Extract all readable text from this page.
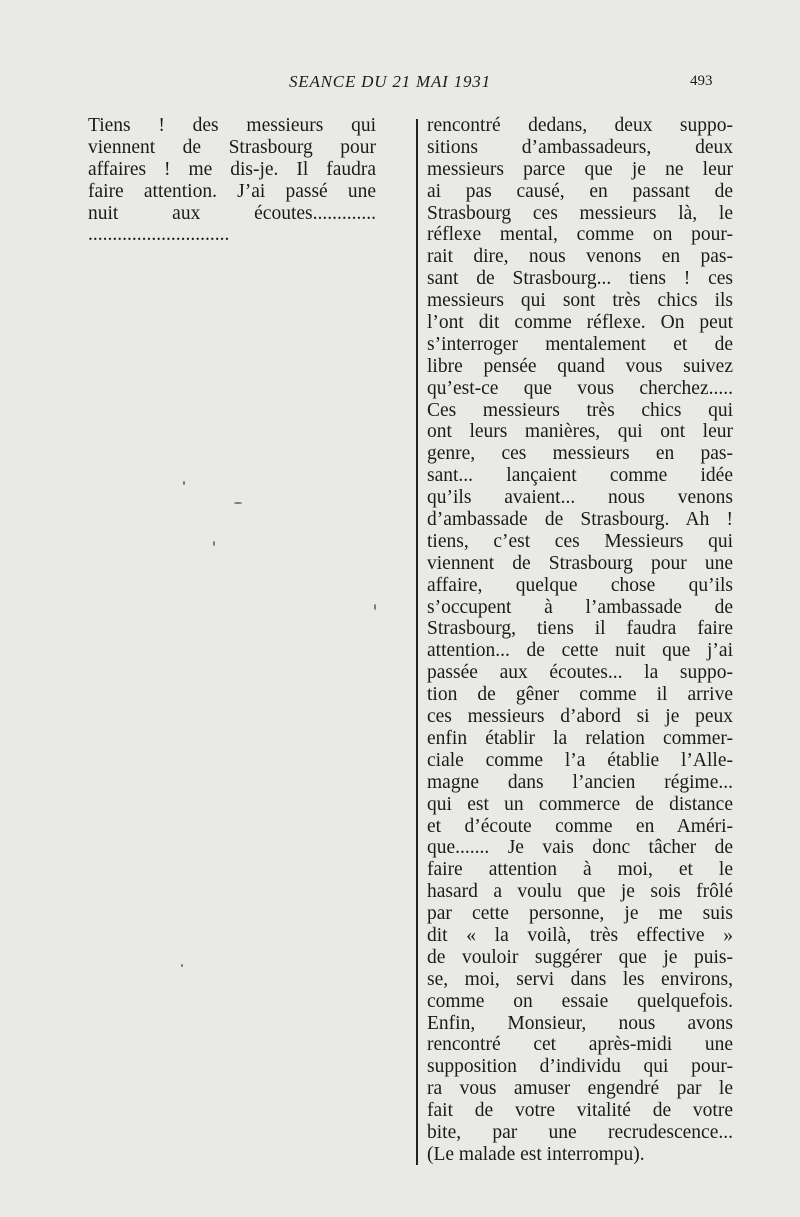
SEANCE DU 21 MAI 1931	493
Tiens ! des messieurs qui
viennent de Strasbourg pour
affaires ! me dis-je. Il faudra
faire attention. J’ai passé une
nuit aux écoutes.............
.............................
rencontré dedans, deux suppo-
sitions d’ambassadeurs, deux
messieurs parce que je ne leur
ai pas causé, en passant de
Strasbourg ces messieurs là, le
réflexe mental, comme on pour-
rait dire, nous venons en pas-
sant de Strasbourg... tiens ! ces
messieurs qui sont très chics ils
l’ont dit comme réflexe. On peut
s’interroger mentalement et de
libre pensée quand vous suivez
qu’est-ce que vous cherchez.....
Ces messieurs très chics qui
ont leurs manières, qui ont leur
genre, ces messieurs en pas-
sant... lançaient comme idée
qu’ils avaient... nous venons
d’ambassade de Strasbourg. Ah !
tiens, c’est ces Messieurs qui
viennent de Strasbourg pour une
affaire, quelque chose qu’ils
s’occupent à l’ambassade de
Strasbourg, tiens il faudra faire
attention... de cette nuit que j’ai
passée aux écoutes... la suppo-
tion de gêner comme il arrive
ces messieurs d’abord si je peux
enfin établir la relation commer-
ciale comme l’a établie l’Alle-
magne dans l’ancien régime...
qui est un commerce de distance
et d’écoute comme en Améri-
que....... Je vais donc tâcher de
faire attention à moi, et le
hasard a voulu que je sois frôlé
par cette personne, je me suis
dit « la voilà, très effective »
de vouloir suggérer que je puis-
se, moi, servi dans les environs,
comme on essaie quelquefois.
Enfin, Monsieur, nous avons
rencontré cet après-midi une
supposition d’individu qui pour-
ra vous amuser engendré par le
fait de votre vitalité de votre
bite, par une recrudescence...
(Le malade est interrompu).
